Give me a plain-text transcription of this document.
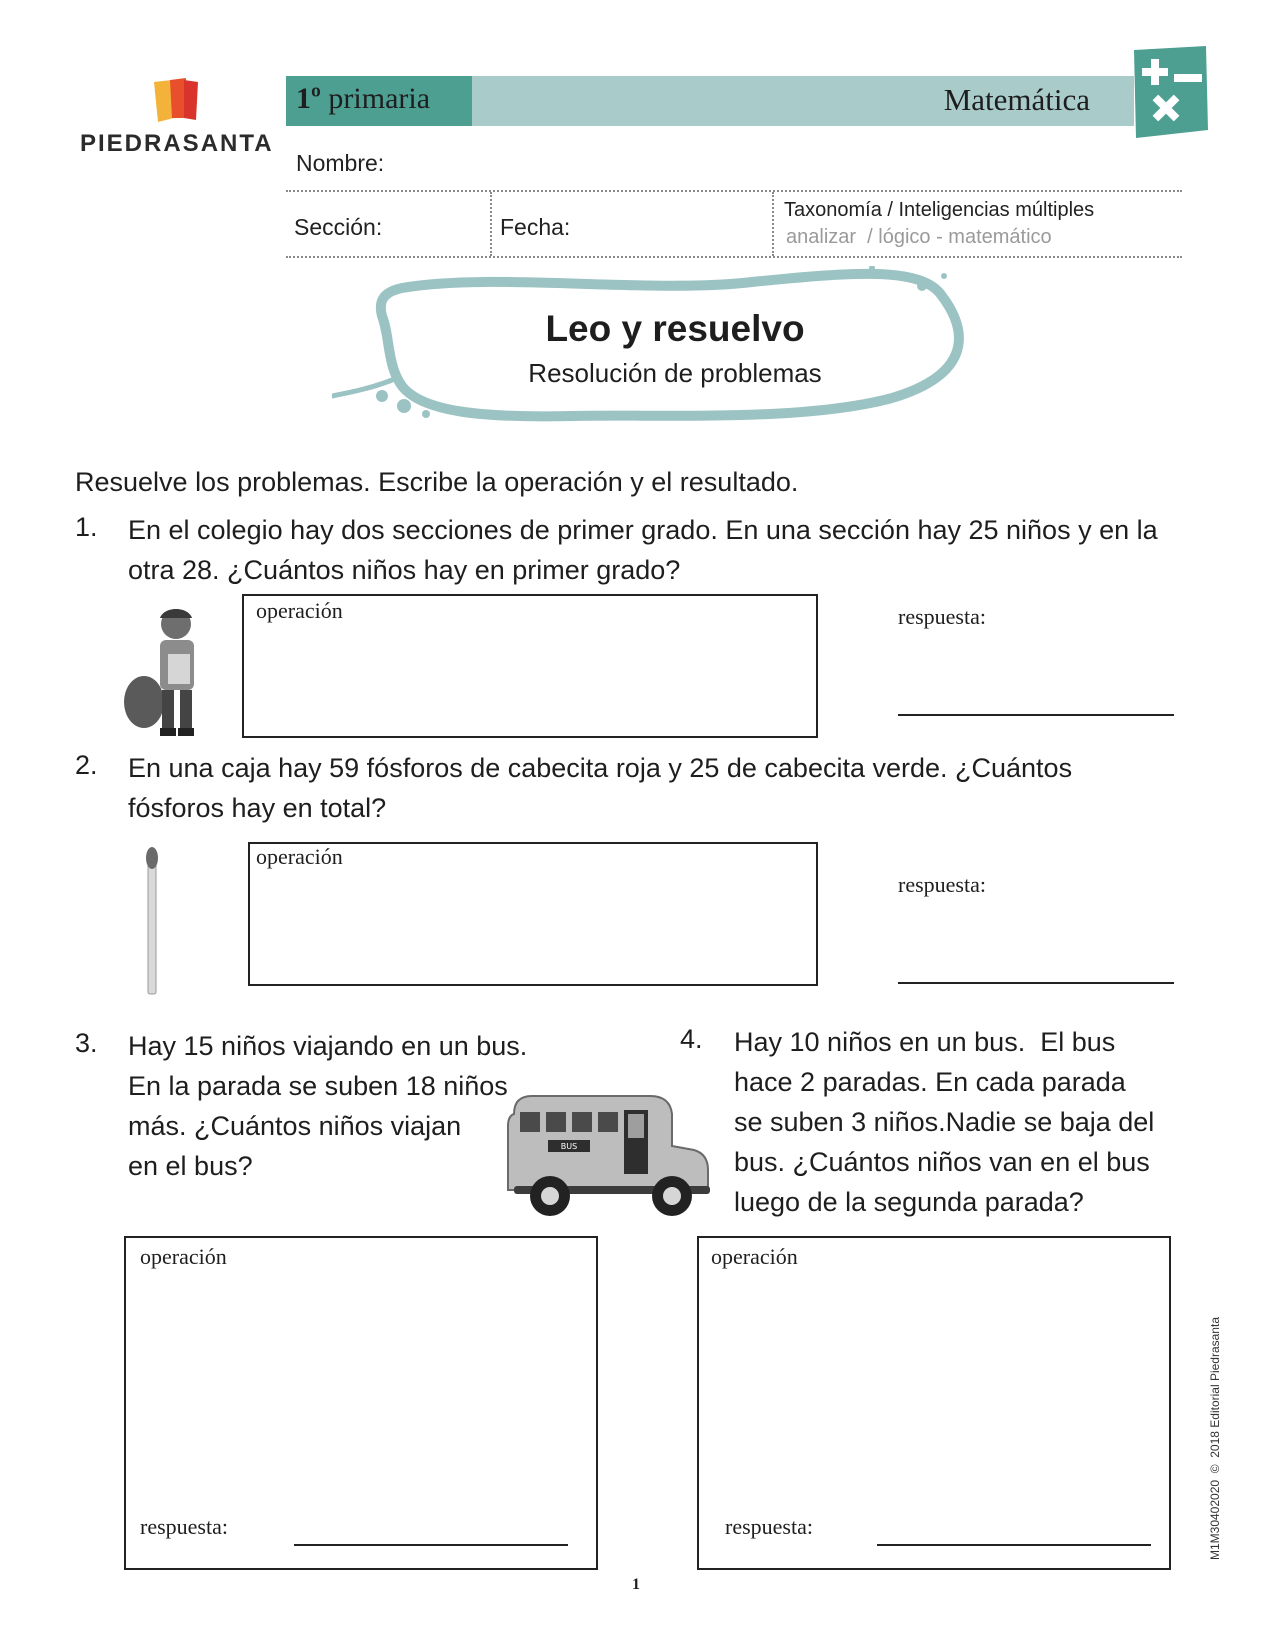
PIEDRASANTA
1º primaria	Matemática
Nombre:
Sección:	Fecha:
Taxonomía / Inteligencias múltiples
analizar  / lógico - matemático
Leo y resuelvo
Resolución de problemas
Resuelve los problemas. Escribe la operación y el resultado.
1. En el colegio hay dos secciones de primer grado. En una sección hay 25 niños y en la otra 28. ¿Cuántos niños hay en primer grado?
operación	respuesta:
2. En una caja hay 59 fósforos de cabecita roja y 25 de cabecita verde. ¿Cuántos fósforos hay en total?
operación
respuesta:
3. Hay 15 niños viajando en un bus.
En la parada se suben 18 niños
más. ¿Cuántos niños viajan
en el bus?
BUS
operación
respuesta:
4. Hay 10 niños en un bus.  El bus
hace 2 paradas. En cada parada
se suben 3 niños.Nadie se baja del
bus. ¿Cuántos niños van en el bus
luego de la segunda parada?
operación
respuesta:
1
M1M30402020  ©  2018 Editorial Piedrasanta
